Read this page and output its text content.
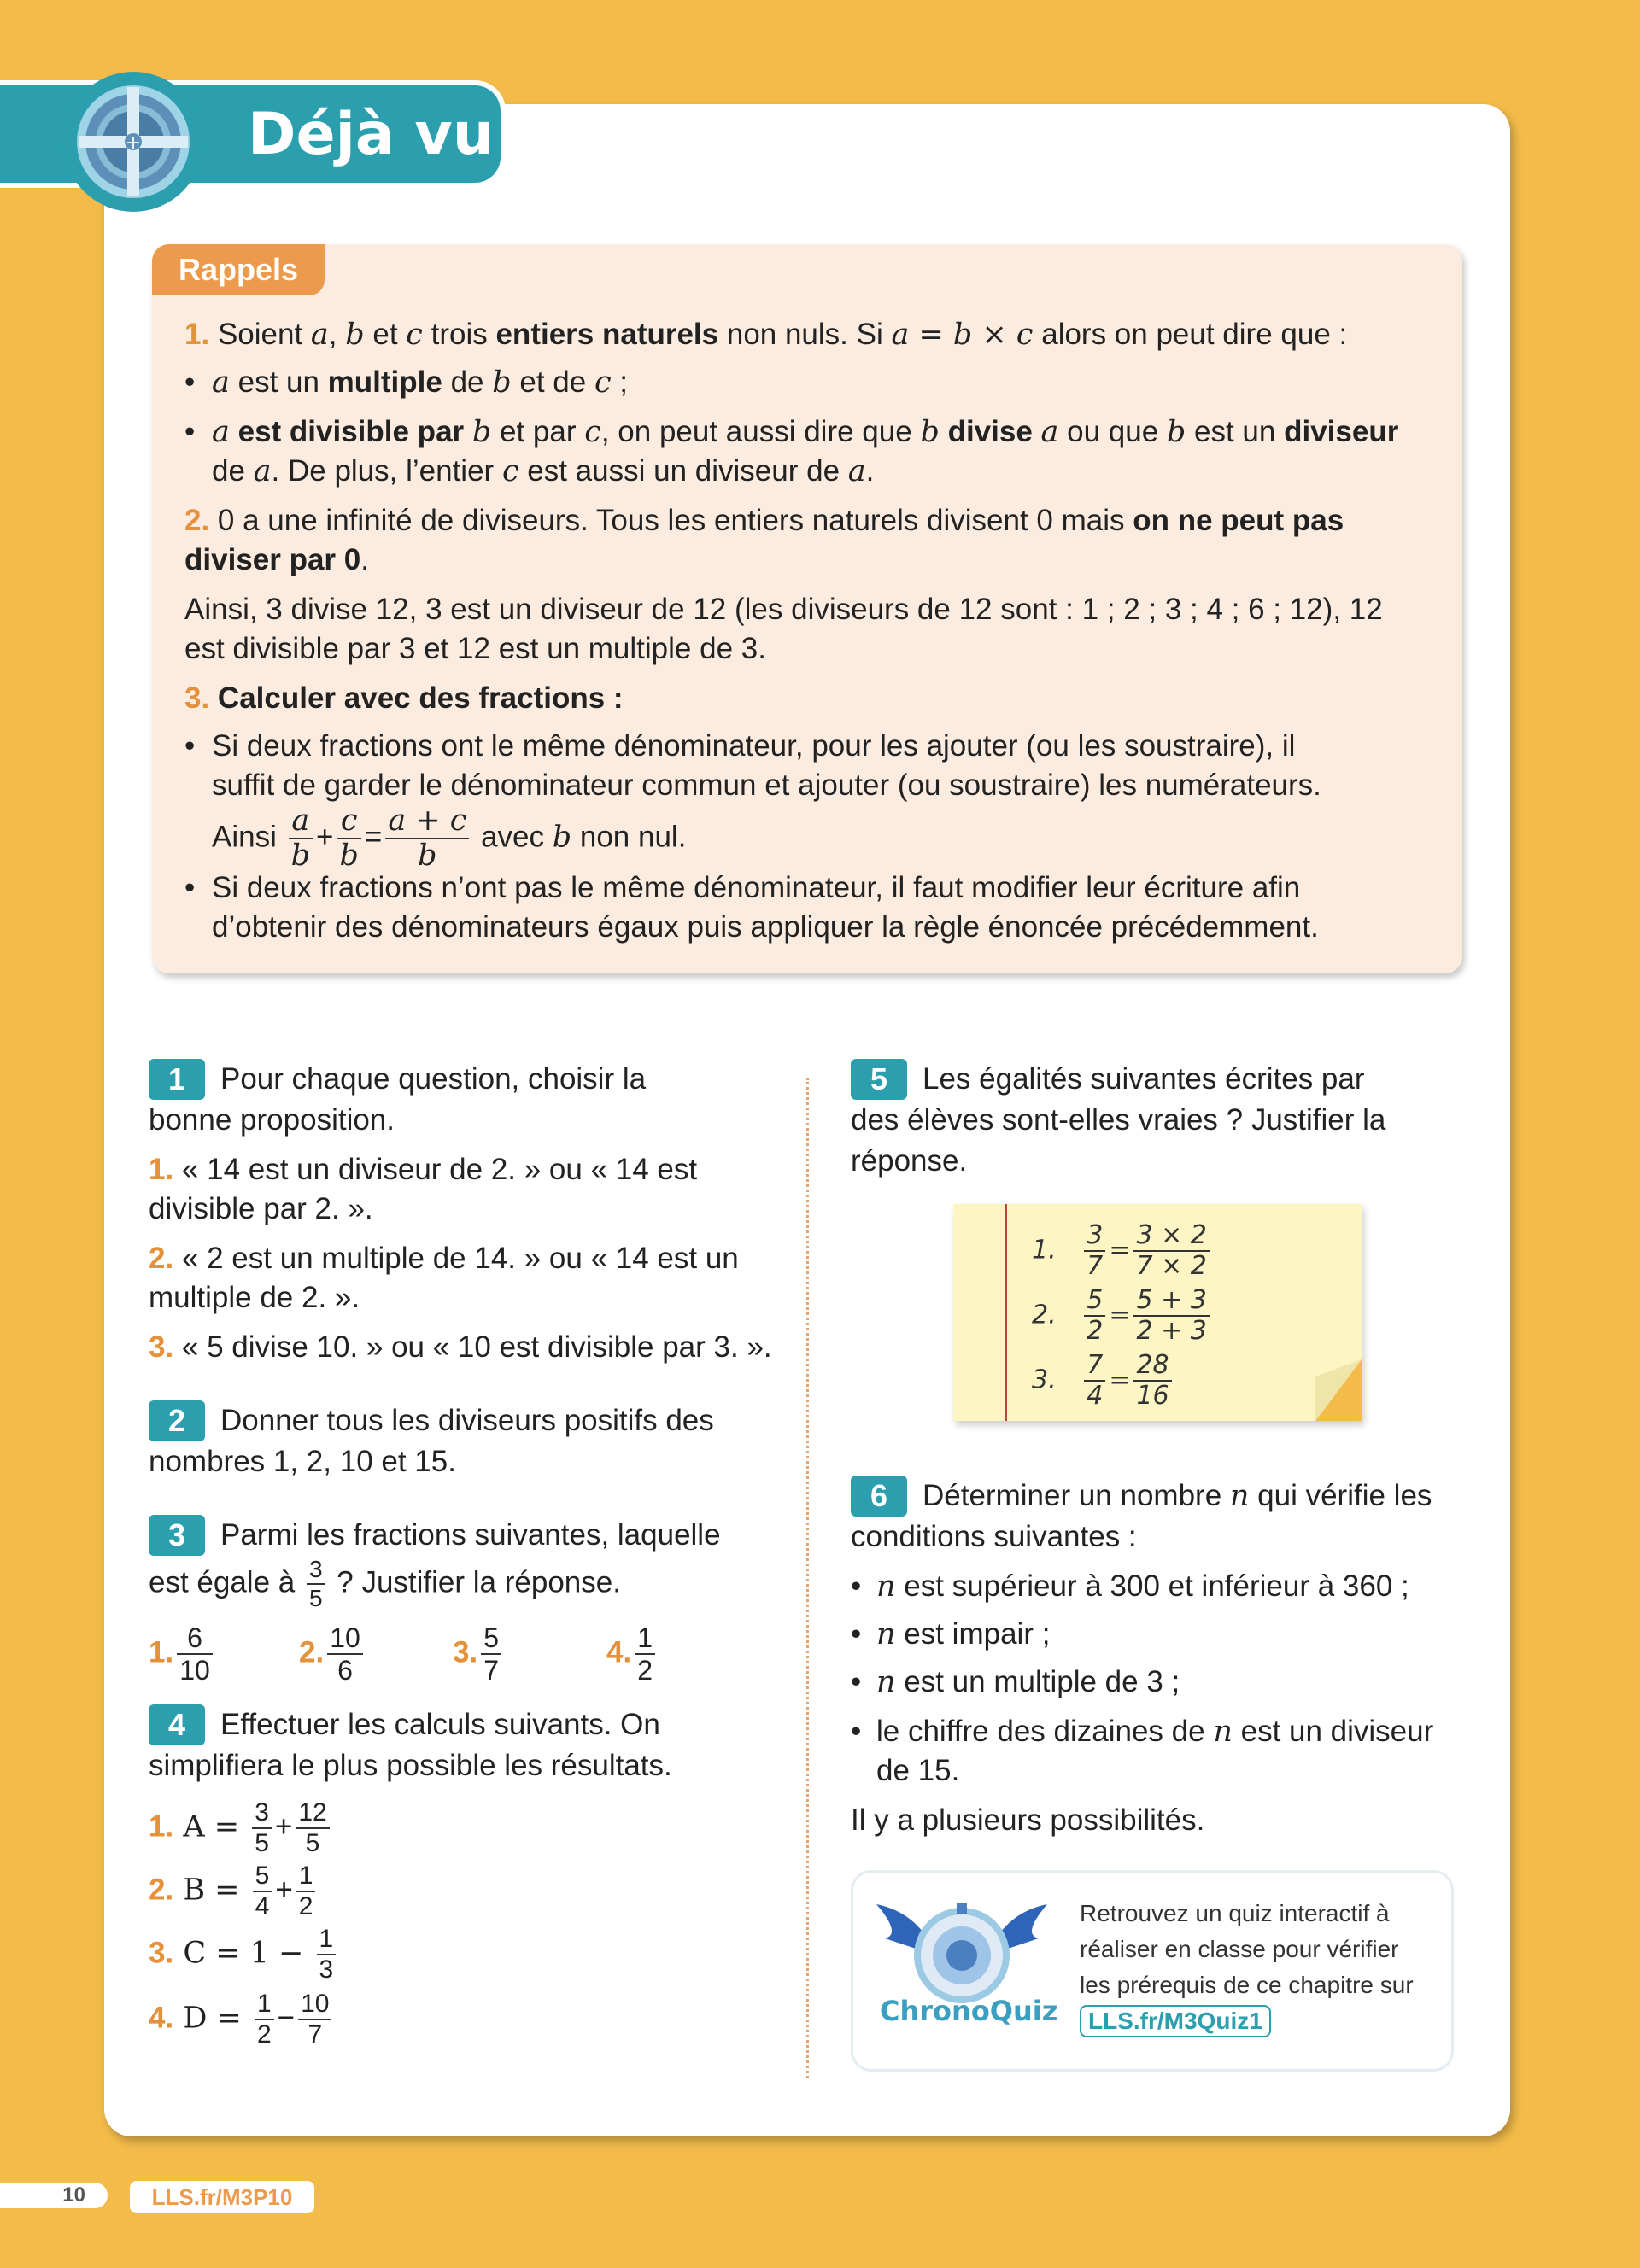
+ Déjà vu
Rappels
1. Soient a, b et c trois entiers naturels non nuls. Si a = b × c alors on peut dire que :
• a est un multiple de b et de c ;
• a est divisible par b et par c, on peut aussi dire que b divise a ou que b est un diviseur
de a. De plus, l’entier c est aussi un diviseur de a.
2. 0 a une infinité de diviseurs. Tous les entiers naturels divisent 0 mais on ne peut pas
diviser par 0.
Ainsi, 3 divise 12, 3 est un diviseur de 12 (les diviseurs de 12 sont : 1 ; 2 ; 3 ; 4 ; 6 ; 12), 12
est divisible par 3 et 12 est un multiple de 3.
3. Calculer avec des fractions :
• Si deux fractions ont le même dénominateur, pour les ajouter (ou les soustraire), il
suffit de garder le dénominateur commun et ajouter (ou soustraire) les numérateurs.
Ainsi $\frac{a}{b} + \frac{c}{b} = \frac{a + c}{b}$ avec b non nul.
• Si deux fractions n’ont pas le même dénominateur, il faut modifier leur écriture afin
d’obtenir des dénominateurs égaux puis appliquer la règle énoncée précédemment.
1 Pour chaque question, choisir la
bonne proposition.
1. « 14 est un diviseur de 2. » ou « 14 est
divisible par 2. ».
2. « 2 est un multiple de 14. » ou « 14 est un
multiple de 2. ».
3. « 5 divise 10. » ou « 10 est divisible par 3. ».
2 Donner tous les diviseurs positifs des
nombres 1, 2, 10 et 15.
3 Parmi les fractions suivantes, laquelle
est égale à $\frac{3}{5}$ ? Justifier la réponse.
1. $\frac{6}{10}$	2. $\frac{10}{6}$	3. $\frac{5}{7}$	4. $\frac{1}{2}$
4 Effectuer les calculs suivants. On
simplifiera le plus possible les résultats.
1. $A = \frac{3}{5} + \frac{12}{5}$
2. $B = \frac{5}{4} + \frac{1}{2}$
3. $C = 1 - \frac{1}{3}$
4. $D = \frac{1}{2} - \frac{10}{7}$
5 Les égalités suivantes écrites par
des élèves sont-elles vraies ? Justifier la
réponse.
1. $\frac{3}{7} = \frac{3 \times 2}{7 \times 2}$
2. $\frac{5}{2} = \frac{5 + 3}{2 + 3}$
3. $\frac{7}{4} = \frac{28}{16}$
6 Déterminer un nombre n qui vérifie les
conditions suivantes :
• n est supérieur à 300 et inférieur à 360 ;
• n est impair ;
• n est un multiple de 3 ;
• le chiffre des dizaines de n est un diviseur
de 15.
Il y a plusieurs possibilités.
ChronoQuiz
Retrouvez un quiz interactif à
réaliser en classe pour vérifier
les prérequis de ce chapitre sur
LLS.fr/M3Quiz1
10	LLS.fr/M3P10
